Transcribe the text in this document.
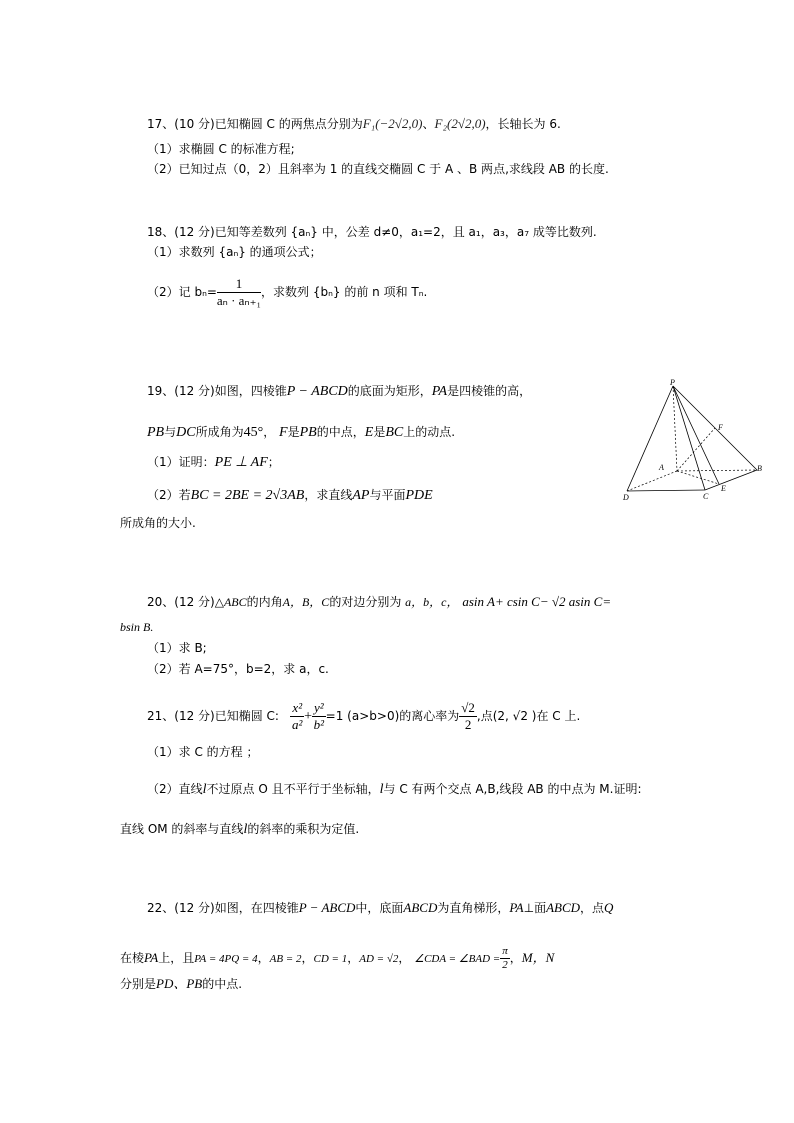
17、(10 分)已知椭圆 C 的两焦点分别为F₁(−2√2,0)、F₂(2√2,0)，长轴长为 6.
（1）求椭圆 C 的标准方程;
（2）已知过点（0，2）且斜率为 1 的直线交椭圆 C 于 A 、B 两点,求线段 AB 的长度.
18、(12 分)已知等差数列 {aₙ} 中，公差 d≠0，a₁=2，且 a₁，a₃，a₇ 成等比数列.
（1）求数列 {aₙ} 的通项公式；
（2）记 $b_n= \frac{1}{\text{aₙ · aₙ₊₁}}$ ，求数列 {bₙ} 的前 n 项和 Tₙ.
19、(12 分)如图，四棱锥P − ABCD的底面为矩形，PA是四棱锥的高，
PB与DC所成角为45°， F是PB的中点，E是BC上的动点.
（1）证明：PE ⊥ AF；
（2）若BC = 2BE = 2√3AB，求直线AP与平面PDE
所成角的大小.
P
A	B
C
D
E
F
20、(12 分)△ABC的内角A，B，C的对边分别为 a，b，c， asin A+ csin C− √2 asin C=
bsin B.
（1）求 B;
（2）若 A=75°，b=2，求 a，c.
21、(12 分)已知椭圆 C: $\frac{\text{x²}}{\text{a²}} + \frac{\text{y²}}{\text{b²}} =1$ (a>b>0)的离心率为 $\frac{√2}{2}$ ,点(2, √2 )在 C 上.
（1）求 C 的方程 ；
（2）直线l不过原点 O 且不平行于坐标轴，l与 C 有两个交点 A,B,线段 AB 的中点为 M.证明:
直线 OM 的斜率与直线l的斜率的乘积为定值.
22、(12 分)如图，在四棱锥P − ABCD中，底面ABCD为直角梯形，PA⊥面ABCD，点Q
在棱PA上，且PA = 4PQ = 4，AB = 2，CD = 1，AD = √2， ∠CDA = ∠BAD = $\frac{\pi}{2}$ ，M，N
分别是PD、PB的中点.
